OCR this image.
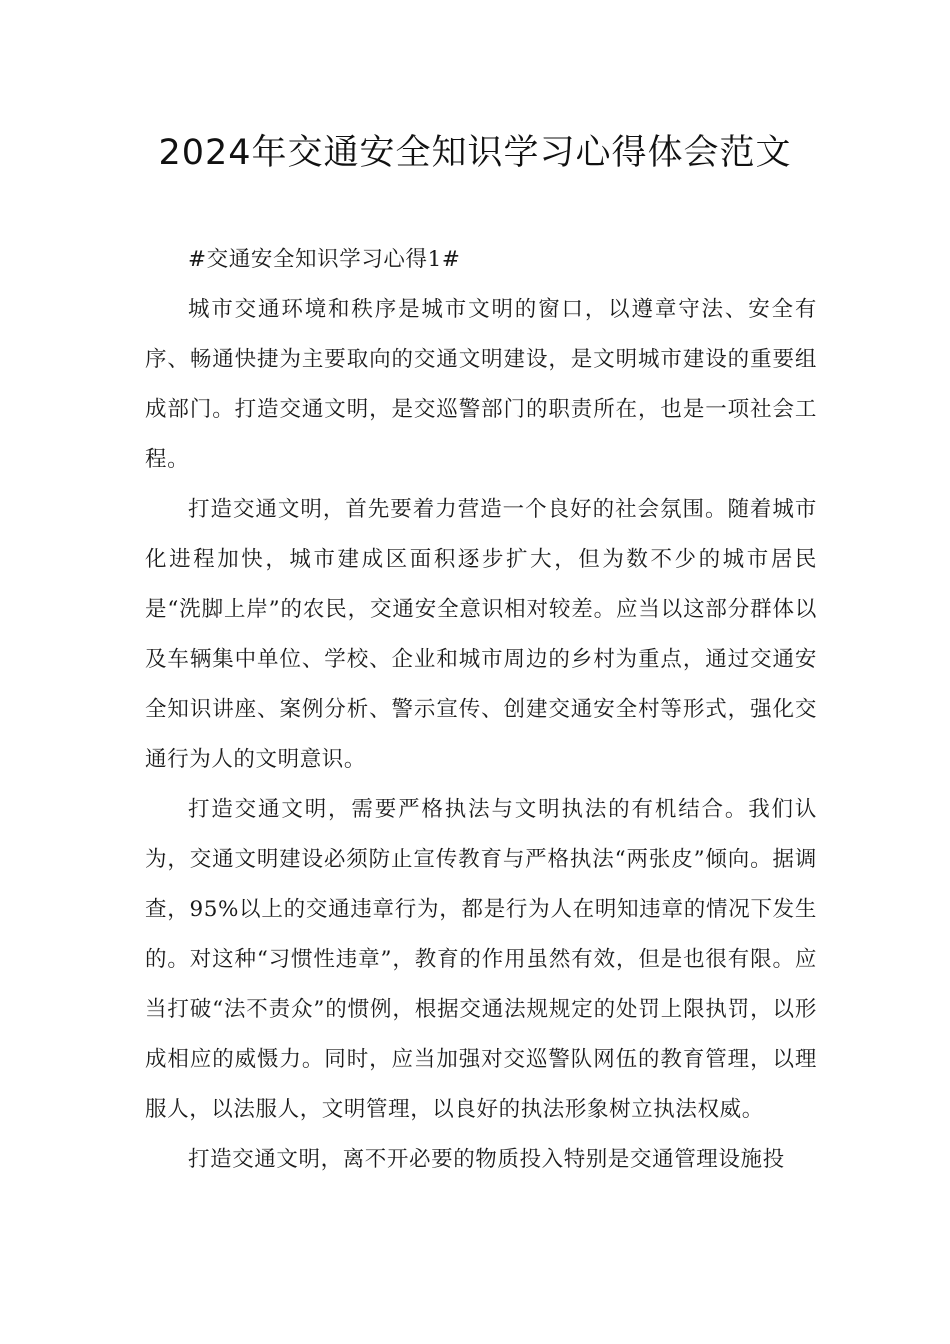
2024年交通安全知识学习心得体会范文

#交通安全知识学习心得1#

城市交通环境和秩序是城市文明的窗口，以遵章守法、安全有序、畅通快捷为主要取向的交通文明建设，是文明城市建设的重要组成部门。打造交通文明，是交巡警部门的职责所在，也是一项社会工程。

打造交通文明，首先要着力营造一个良好的社会氛围。随着城市化进程加快，城市建成区面积逐步扩大，但为数不少的城市居民是“洗脚上岸”的农民，交通安全意识相对较差。应当以这部分群体以及车辆集中单位、学校、企业和城市周边的乡村为重点，通过交通安全知识讲座、案例分析、警示宣传、创建交通安全村等形式，强化交通行为人的文明意识。

打造交通文明，需要严格执法与文明执法的有机结合。我们认为，交通文明建设必须防止宣传教育与严格执法“两张皮”倾向。据调查，95%以上的交通违章行为，都是行为人在明知违章的情况下发生的。对这种“习惯性违章”，教育的作用虽然有效，但是也很有限。应当打破“法不责众”的惯例，根据交通法规规定的处罚上限执罚，以形成相应的威慑力。同时，应当加强对交巡警队网伍的教育管理，以理服人，以法服人，文明管理，以良好的执法形象树立执法权威。

打造交通文明，离不开必要的物质投入特别是交通管理设施投
